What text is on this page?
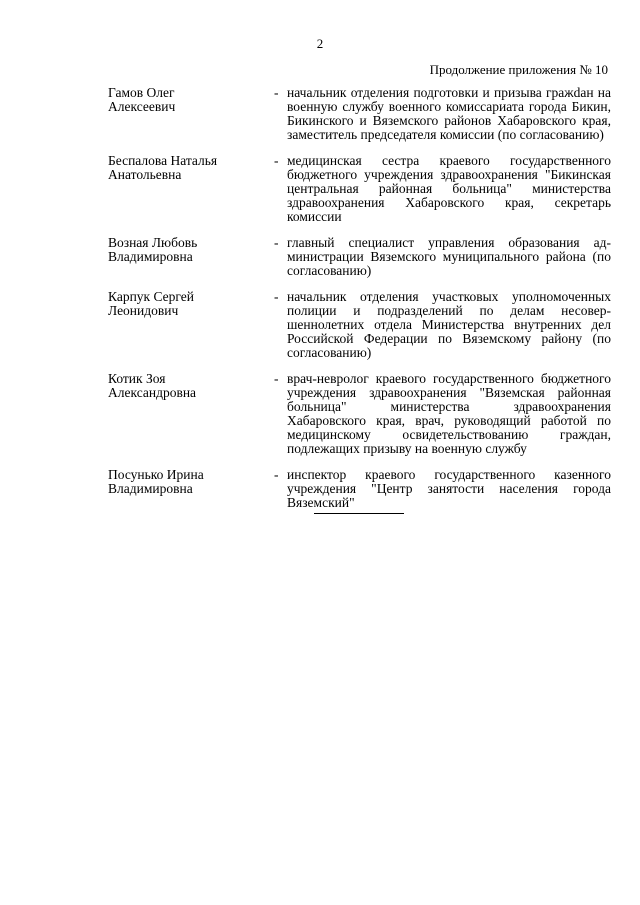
2
Продолжение приложения № 10
Гамов Олег
Алексеевич
- начальник отделения подготовки и призыва гражdан на военную службу военного комиссариата города Бикин, Бикинского и Вяземского районов Хабаровского края, заместитель председателя комиссии (по согласованию)
Беспалова Наталья
Анатольевна
- медицинская сестра краевого государственного бюджетного учреждения здравоохранения "Бикинская центральная районная больница" министерства здравоохранения Хабаровского края, секретарь комиссии
Возная Любовь
Владимировна
- главный специалист управления образования администрации Вяземского муниципального района (по согласованию)
Карпук Сергей
Леонидович
- начальник отделения участковых уполномоченных полиции и подразделений по делам несовершеннолетних отдела Министерства внутренних дел Российской Федерации по Вяземскому району (по согласованию)
Котик Зоя
Александровна
- врач-невролог краевого государственного бюджетного учреждения здравоохранения "Вяземская районная больница" министерства здравоохранения Хабаровского края, врач, руководящий работой по медицинскому освидетельствованию граждан, подлежащих призыву на военную службу
Посунько Ирина
Владимировна
- инспектор краевого государственного казенного учреждения "Центр занятости населения города Вяземский"
